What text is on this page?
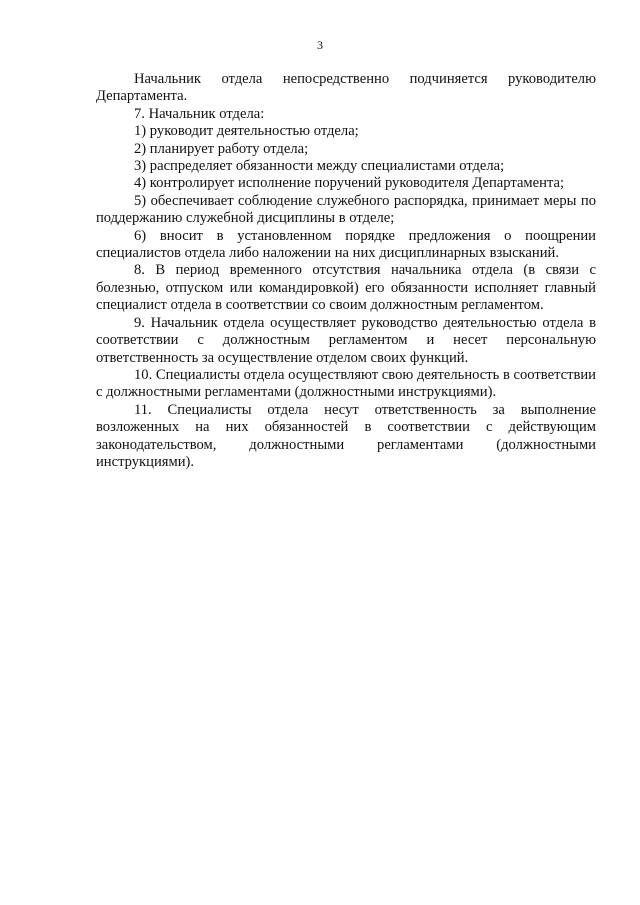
3

Начальник отдела непосредственно подчиняется руководителю Департамента.

7. Начальник отдела:

1) руководит деятельностью отдела;

2) планирует работу отдела;

3) распределяет обязанности между специалистами отдела;

4) контролирует исполнение поручений руководителя Департамента;

5) обеспечивает соблюдение служебного распорядка, принимает меры по поддержанию служебной дисциплины в отделе;

6) вносит в установленном порядке предложения о поощрении специалистов отдела либо наложении на них дисциплинарных взысканий.

8. В период временного отсутствия начальника отдела (в связи с болезнью, отпуском или командировкой) его обязанности исполняет главный специалист отдела в соответствии со своим должностным регламентом.

9. Начальник отдела осуществляет руководство деятельностью отдела в соответствии с должностным регламентом и несет персональную ответственность за осуществление отделом своих функций.

10. Специалисты отдела осуществляют свою деятельность в соответствии с должностными регламентами (должностными инструкциями).

11. Специалисты отдела несут ответственность за выполнение возложенных на них обязанностей в соответствии с действующим законодательством, должностными регламентами (должностными инструкциями).
